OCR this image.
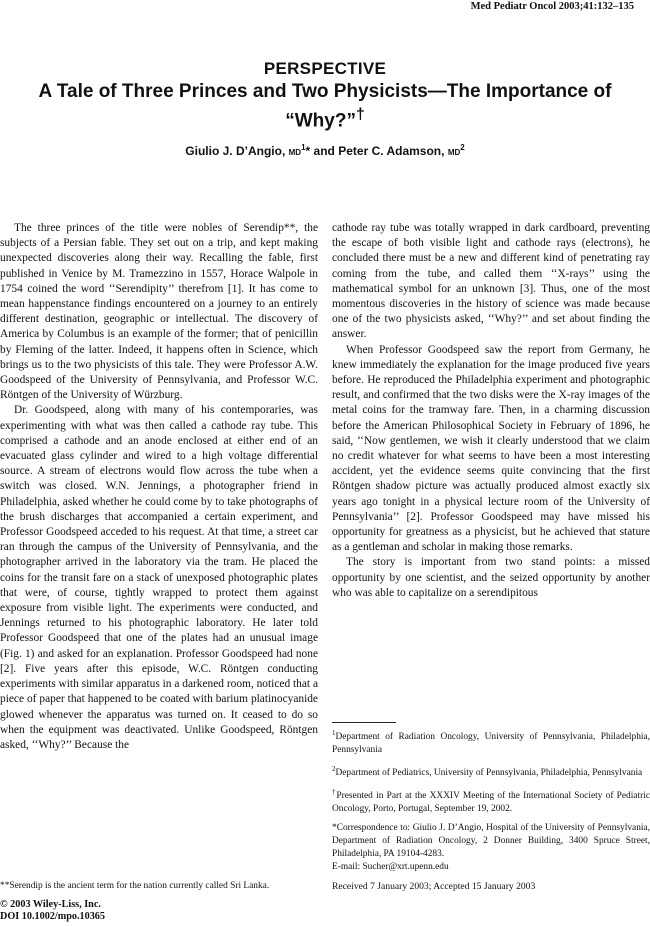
Med Pediatr Oncol 2003;41:132–135
PERSPECTIVE
A Tale of Three Princes and Two Physicists—The Importance of “Why?”†
Giulio J. D’Angio, $MD^1*$ and Peter C. Adamson, $MD^2$

The three princes of the title were nobles of Serendip**, the subjects of a Persian fable. They set out on a trip, and kept making unexpected discoveries along their way. Recalling the fable, first published in Venice by M. Tramezzino in 1557, Horace Walpole in 1754 coined the word ‘‘Serendipity’’ therefrom [1]. It has come to mean happenstance findings encountered on a journey to an entirely different destination, geographic or intellectual. The discovery of America by Columbus is an example of the former; that of penicillin by Fleming of the latter. Indeed, it happens often in Science, which brings us to the two physicists of this tale. They were Professor A.W. Goodspeed of the University of Pennsylvania, and Professor W.C. Röntgen of the University of Würzburg.

Dr. Goodspeed, along with many of his contemporaries, was experimenting with what was then called a cathode ray tube. This comprised a cathode and an anode enclosed at either end of an evacuated glass cylinder and wired to a high voltage differential source. A stream of electrons would flow across the tube when a switch was closed. W.N. Jennings, a photographer friend in Philadelphia, asked whether he could come by to take photographs of the brush discharges that accompanied a certain experiment, and Professor Goodspeed acceded to his request. At that time, a street car ran through the campus of the University of Pennsylvania, and the photographer arrived in the laboratory via the tram. He placed the coins for the transit fare on a stack of unexposed photographic plates that were, of course, tightly wrapped to protect them against exposure from visible light. The experiments were conducted, and Jennings returned to his photographic laboratory. He later told Professor Goodspeed that one of the plates had an unusual image (Fig. 1) and asked for an explanation. Professor Goodspeed had none [2]. Five years after this episode, W.C. Röntgen conducting experiments with similar apparatus in a darkened room, noticed that a piece of paper that happened to be coated with barium platinocyanide glowed whenever the apparatus was turned on. It ceased to do so when the equipment was deactivated. Unlike Goodspeed, Röntgen asked, ‘‘Why?’’ Because the

cathode ray tube was totally wrapped in dark cardboard, preventing the escape of both visible light and cathode rays (electrons), he concluded there must be a new and different kind of penetrating ray coming from the tube, and called them ‘‘X-rays’’ using the mathematical symbol for an unknown [3]. Thus, one of the most momentous discoveries in the history of science was made because one of the two physicists asked, ‘‘Why?’’ and set about finding the answer.

When Professor Goodspeed saw the report from Germany, he knew immediately the explanation for the image produced five years before. He reproduced the Philadelphia experiment and photographic result, and confirmed that the two disks were the X-ray images of the metal coins for the tramway fare. Then, in a charming discussion before the American Philosophical Society in February of 1896, he said, ‘‘Now gentlemen, we wish it clearly understood that we claim no credit whatever for what seems to have been a most interesting accident, yet the evidence seems quite convincing that the first Röntgen shadow picture was actually produced almost exactly six years ago tonight in a physical lecture room of the University of Pennsylvania’’ [2]. Professor Goodspeed may have missed his opportunity for greatness as a physicist, but he achieved that stature as a gentleman and scholar in making those remarks.

The story is important from two stand points: a missed opportunity by one scientist, and the seized opportunity by another who was able to capitalize on a serendipitous

$^1$Department of Radiation Oncology, University of Pennsylvania, Philadelphia, Pennsylvania

$^2$Department of Pediatrics, University of Pennsylvania, Philadelphia, Pennsylvania

†Presented in Part at the XXXIV Meeting of the International Society of Pediatric Oncology, Porto, Portugal, September 19, 2002.

*Correspondence to: Giulio J. D’Angio, Hospital of the University of Pennsylvania, Department of Radiation Oncology, 2 Donner Building, 3400 Spruce Street, Philadelphia, PA 19104-4283.
E-mail: Sucher@xrt.upenn.edu

Received 7 January 2003; Accepted 15 January 2003
**Serendip is the ancient term for the nation currently called Sri Lanka.
© 2003 Wiley-Liss, Inc.
DOI 10.1002/mpo.10365
